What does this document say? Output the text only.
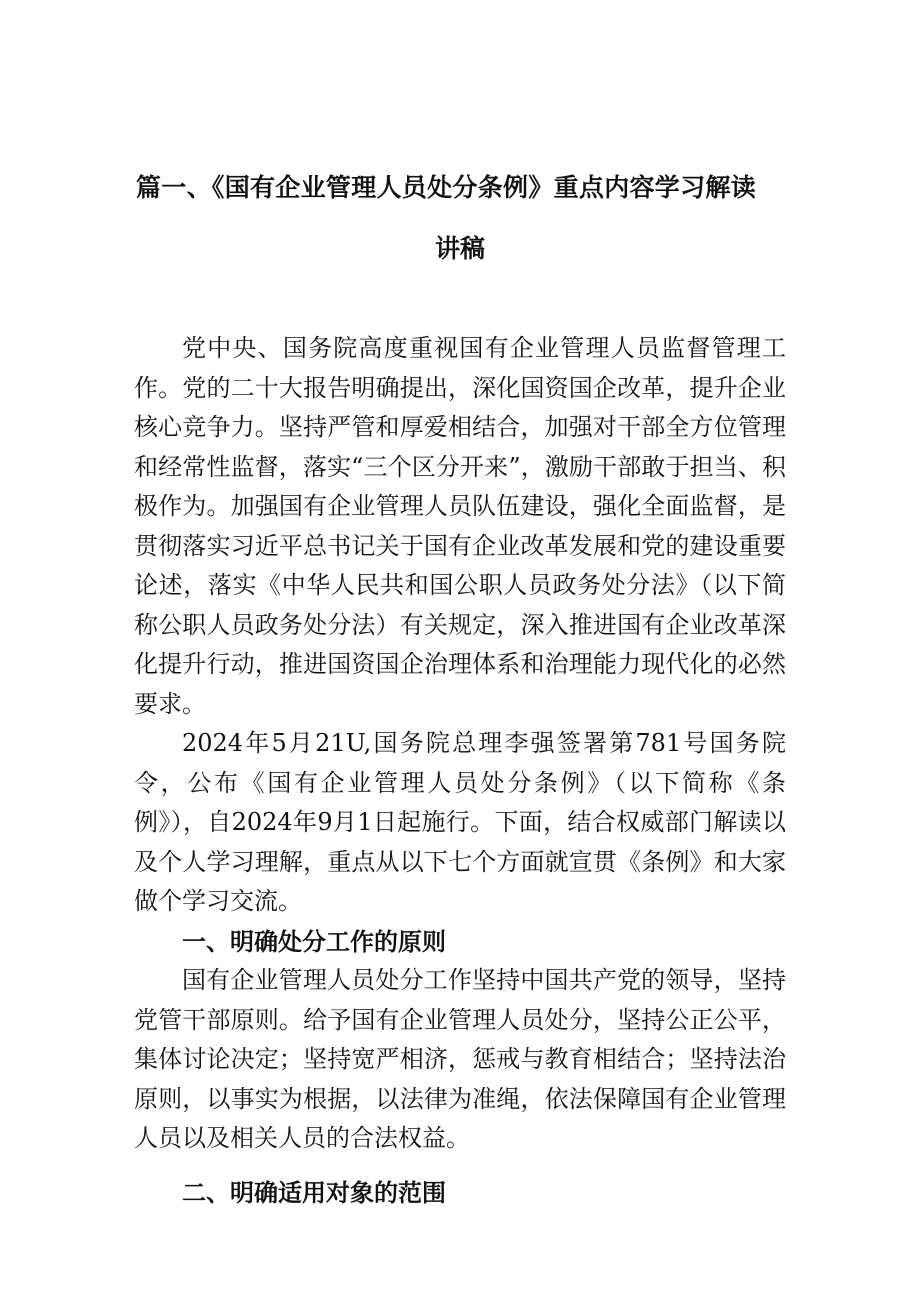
篇一、《国有企业管理人员处分条例》重点内容学习解读
讲稿

党中央、国务院高度重视国有企业管理人员监督管理工作。党的二十大报告明确提出，深化国资国企改革，提升企业核心竞争力。坚持严管和厚爱相结合，加强对干部全方位管理和经常性监督，落实“三个区分开来”，激励干部敢于担当、积极作为。加强国有企业管理人员队伍建设，强化全面监督，是贯彻落实习近平总书记关于国有企业改革发展和党的建设重要论述，落实《中华人民共和国公职人员政务处分法》（以下简称公职人员政务处分法）有关规定，深入推进国有企业改革深化提升行动，推进国资国企治理体系和治理能力现代化的必然要求。

2024年5月21U,国务院总理李强签署第781号国务院令，公布《国有企业管理人员处分条例》（以下简称《条例》），自2024年9月1日起施行。下面，结合权威部门解读以及个人学习理解，重点从以下七个方面就宣贯《条例》和大家做个学习交流。

一、明确处分工作的原则

国有企业管理人员处分工作坚持中国共产党的领导，坚持党管干部原则。给予国有企业管理人员处分，坚持公正公平，集体讨论决定；坚持宽严相济，惩戒与教育相结合；坚持法治原则，以事实为根据，以法律为准绳，依法保障国有企业管理人员以及相关人员的合法权益。

二、明确适用对象的范围
